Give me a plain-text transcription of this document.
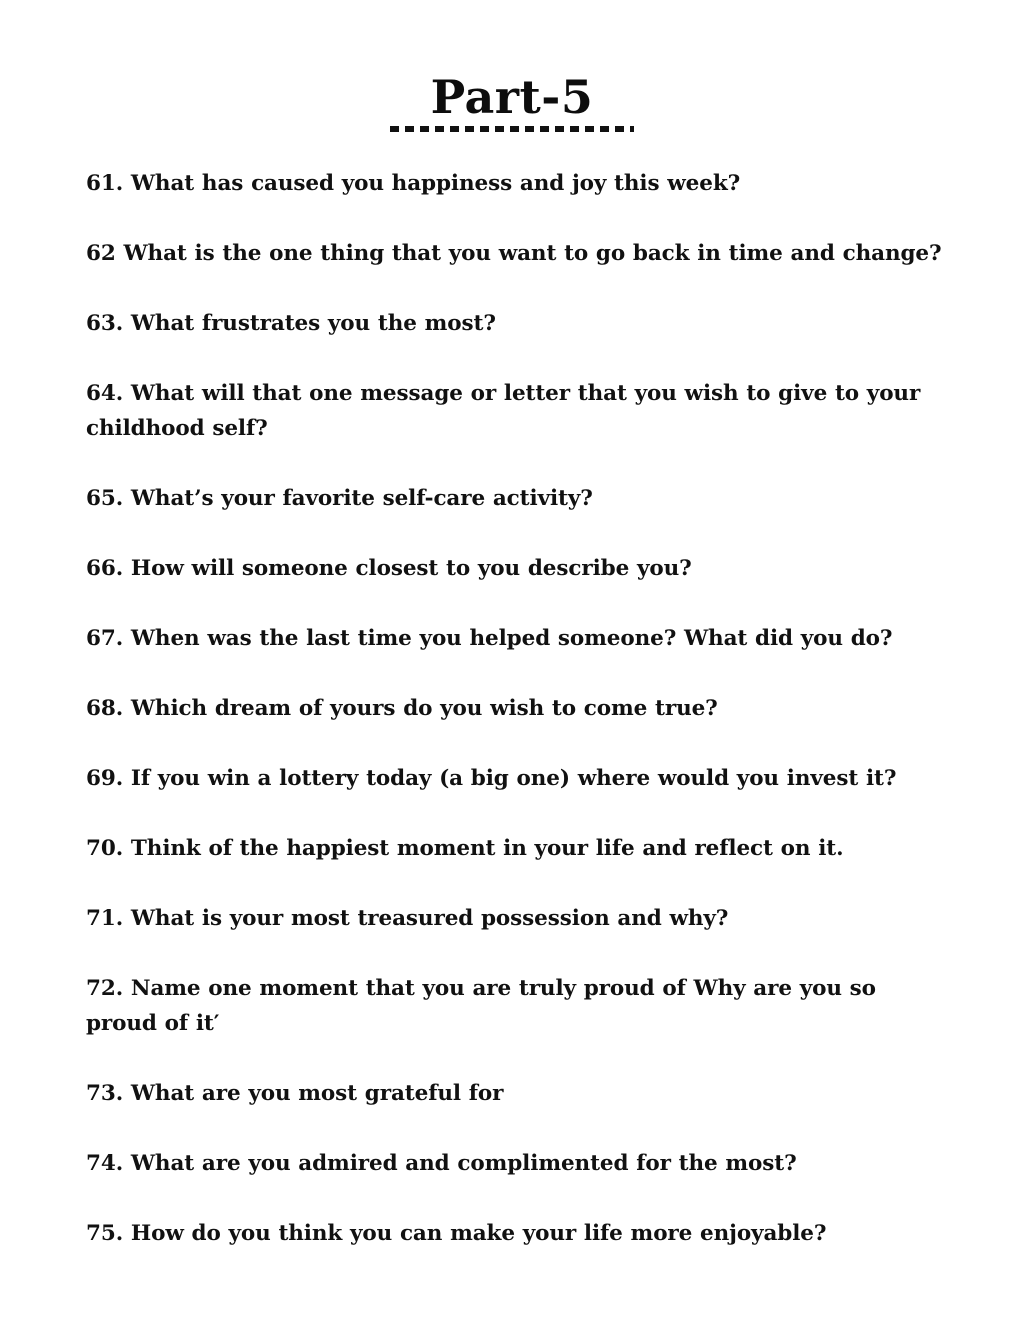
Part-5
61. What has caused you happiness and joy this week?
62 What is the one thing that you want to go back in time and change?
63. What frustrates you the most?
64. What will that one message or letter that you wish to give to your childhood self?
65. What’s your favorite self-care activity?
66. How will someone closest to you describe you?
67. When was the last time you helped someone? What did you do?
68. Which dream of yours do you wish to come true?
69. If you win a lottery today (a big one) where would you invest it?
70. Think of the happiest moment in your life and reflect on it.
71. What is your most treasured possession and why?
72. Name one moment that you are truly proud of Why are you so proud of it′
73. What are you most grateful for
74. What are you admired and complimented for the most?
75. How do you think you can make your life more enjoyable?
